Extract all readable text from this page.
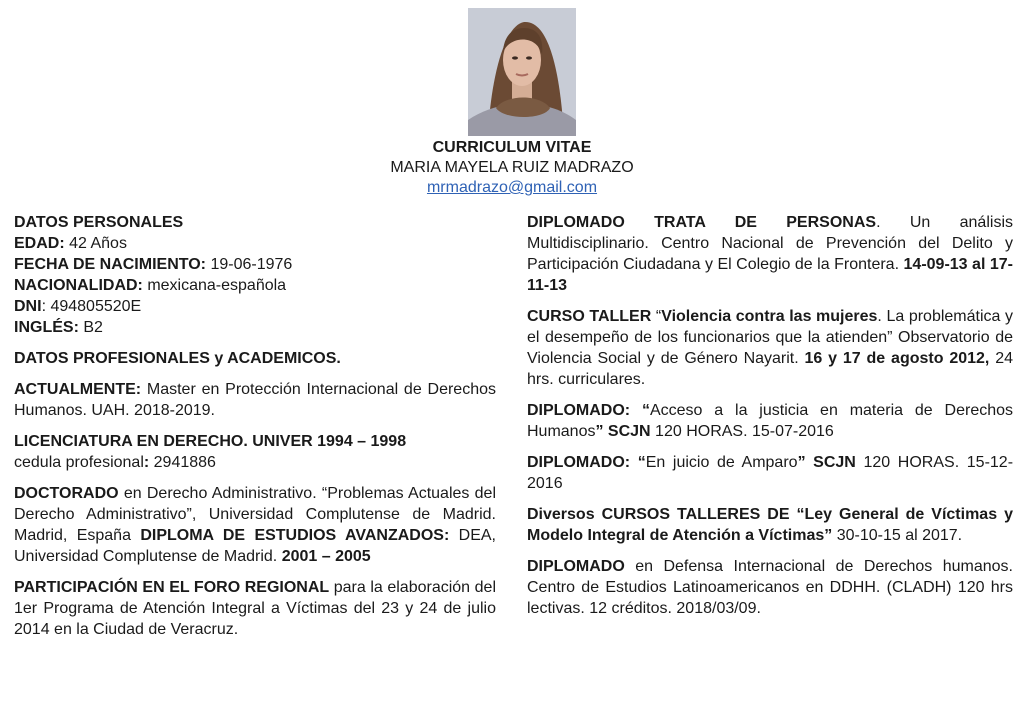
CURRICULUM VITAE
MARIA MAYELA RUIZ MADRAZO
mrmadrazo@gmail.com

DATOS PERSONALES

EDAD: 42 Años

FECHA DE NACIMIENTO: 19-06-1976

NACIONALIDAD: mexicana-española

DNI: 494805520E

INGLÉS: B2

DATOS PROFESIONALES y ACADEMICOS.

ACTUALMENTE: Master en Protección Internacional de Derechos Humanos. UAH. 2018-2019.

LICENCIATURA EN DERECHO. UNIVER 1994 – 1998
cedula profesional: 2941886

DOCTORADO en Derecho Administrativo. “Problemas Actuales del Derecho Administrativo”, Universidad Complutense de Madrid. Madrid, España DIPLOMA DE ESTUDIOS AVANZADOS: DEA, Universidad Complutense de Madrid. 2001 – 2005

PARTICIPACIÓN EN EL FORO REGIONAL para la elaboración del 1er Programa de Atención Integral a Víctimas del 23 y 24 de julio 2014 en la Ciudad de Veracruz.

DIPLOMADO TRATA DE PERSONAS. Un análisis Multidisciplinario. Centro Nacional de Prevención del Delito y Participación Ciudadana y El Colegio de la Frontera. 14-09-13 al 17-11-13

CURSO TALLER “Violencia contra las mujeres. La problemática y el desempeño de los funcionarios que la atienden” Observatorio de Violencia Social y de Género Nayarit. 16 y 17 de agosto 2012, 24 hrs. curriculares.

DIPLOMADO: “Acceso a la justicia en materia de Derechos Humanos” SCJN 120 HORAS. 15-07-2016

DIPLOMADO: “En juicio de Amparo” SCJN 120 HORAS. 15-12-2016

Diversos CURSOS TALLERES DE “Ley General de Víctimas y Modelo Integral de Atención a Víctimas” 30-10-15 al 2017.

DIPLOMADO en Defensa Internacional de Derechos humanos. Centro de Estudios Latinoamericanos en DDHH. (CLADH) 120 hrs lectivas. 12 créditos. 2018/03/09.
